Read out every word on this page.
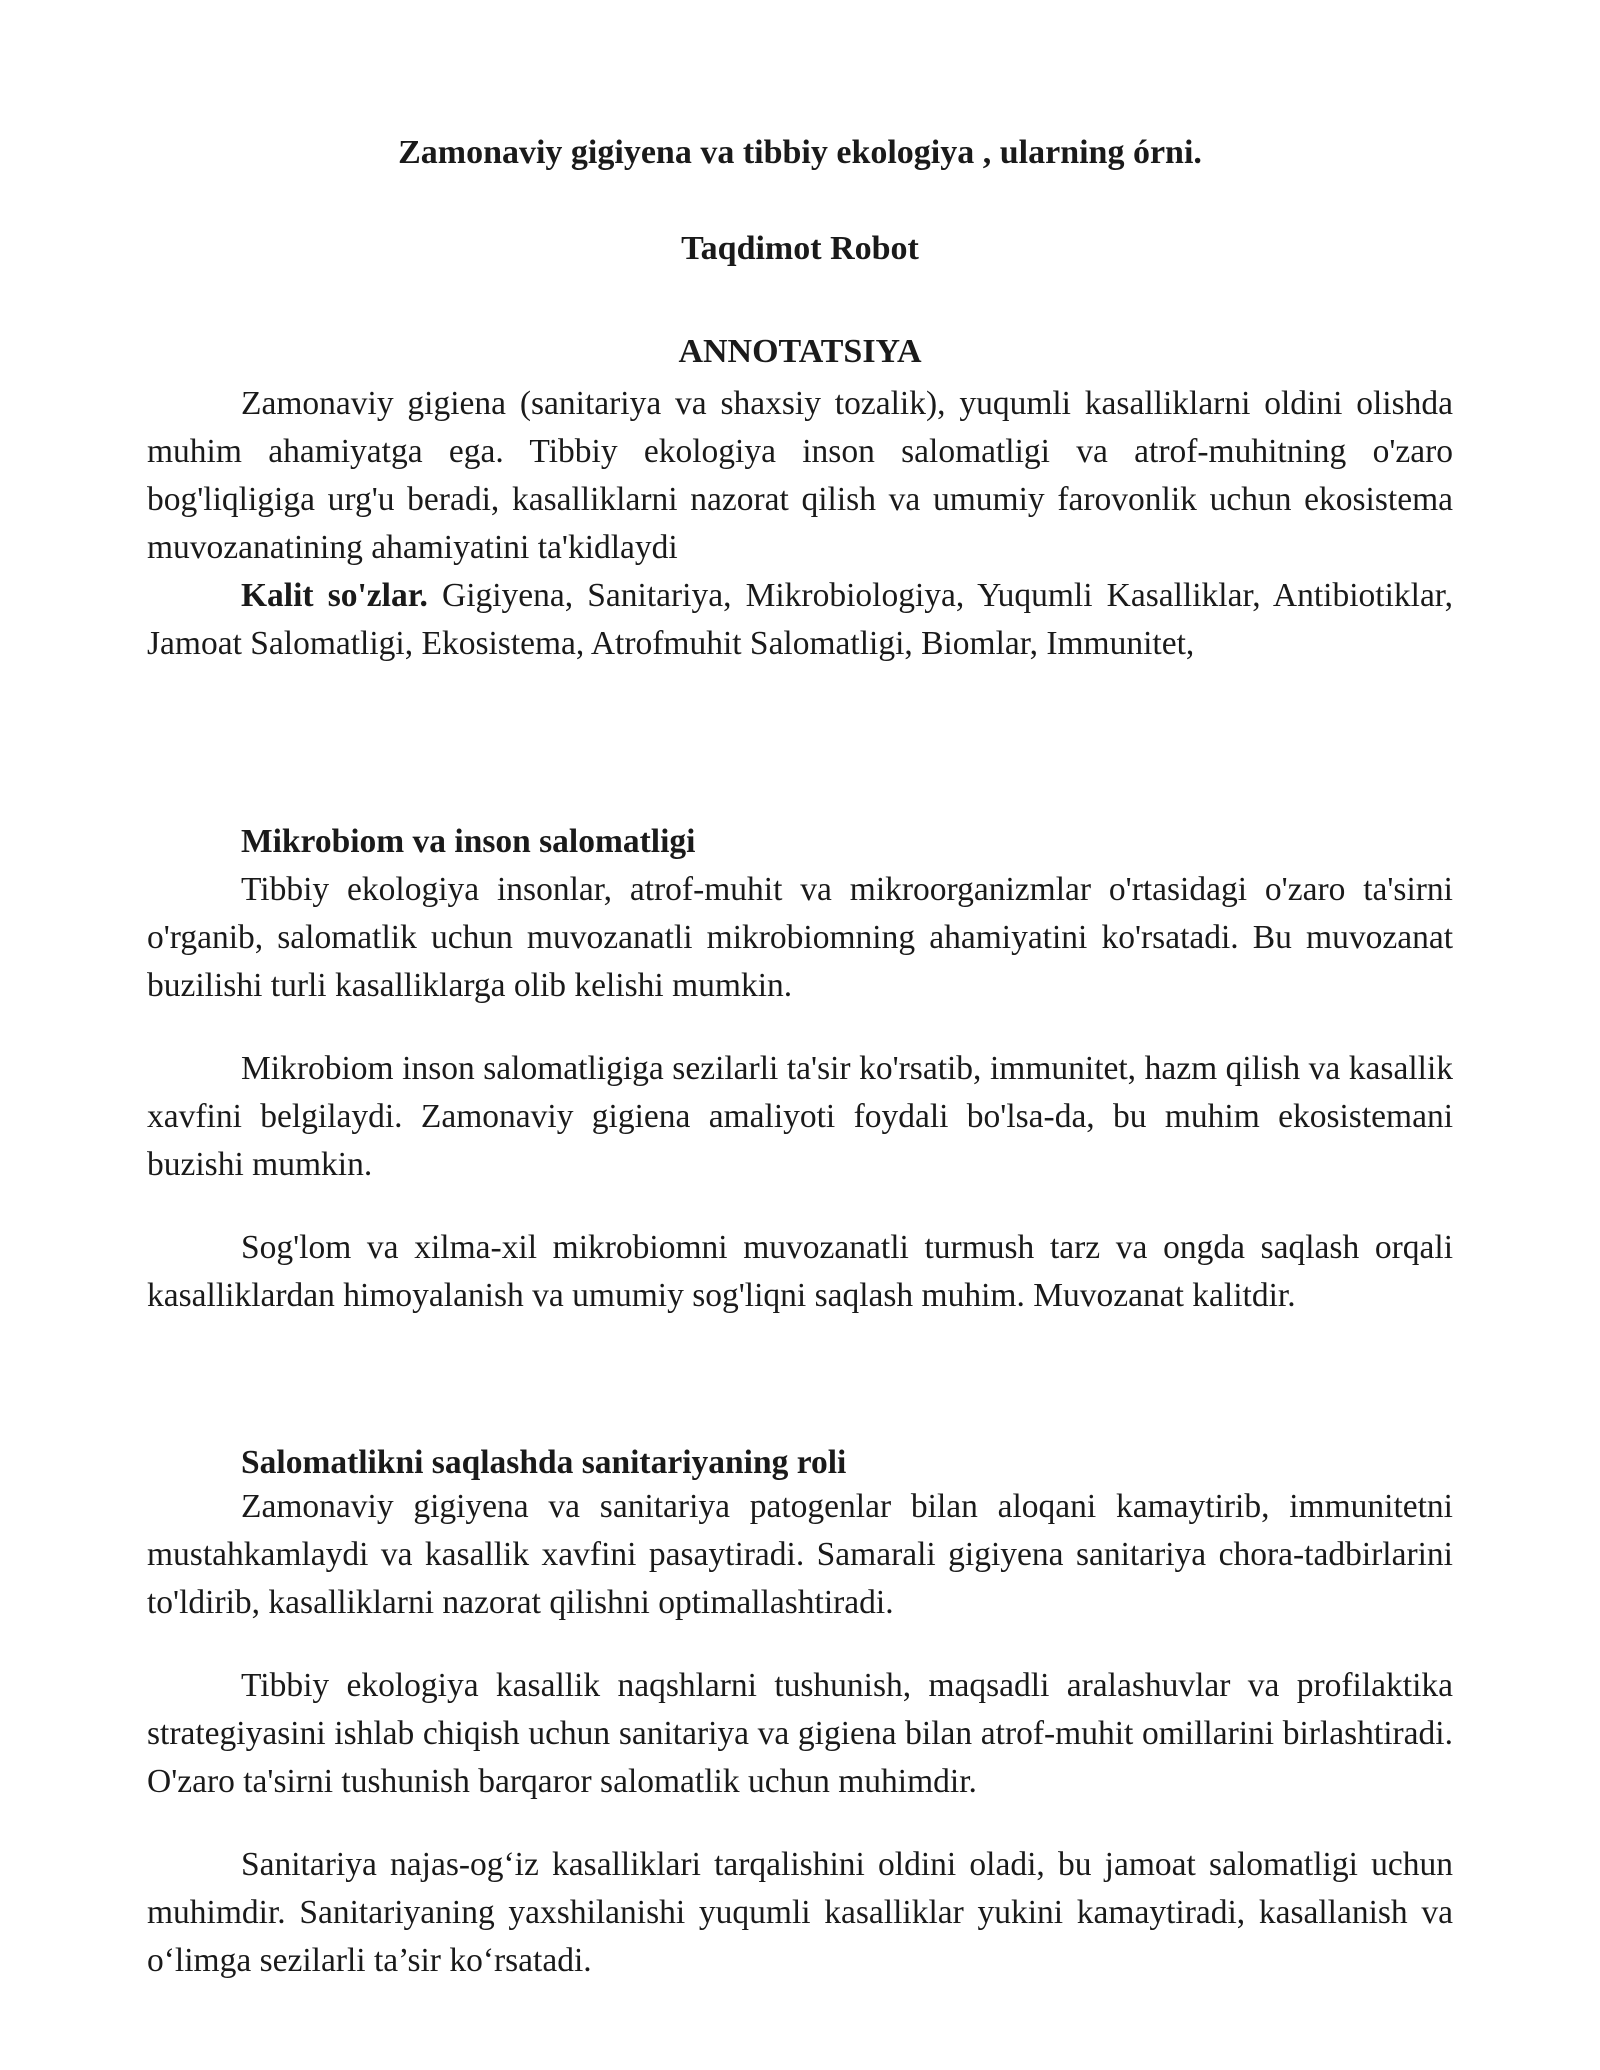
Zamonaviy gigiyena va tibbiy ekologiya , ularning órni.
Taqdimot Robot
ANNOTATSIYA

Zamonaviy gigiena (sanitariya va shaxsiy tozalik), yuqumli kasalliklarni oldini olishda muhim ahamiyatga ega. Tibbiy ekologiya inson salomatligi va atrof-muhitning o'zaro bog'liqligiga urg'u beradi, kasalliklarni nazorat qilish va umumiy farovonlik uchun ekosistema muvozanatining ahamiyatini ta'kidlaydi

Kalit so'zlar. Gigiyena, Sanitariya, Mikrobiologiya, Yuqumli Kasalliklar, Antibiotiklar, Jamoat Salomatligi, Ekosistema, Atrofmuhit Salomatligi, Biomlar, Immunitet,

Mikrobiom va inson salomatligi

Tibbiy ekologiya insonlar, atrof-muhit va mikroorganizmlar o'rtasidagi o'zaro ta'sirni o'rganib, salomatlik uchun muvozanatli mikrobiomning ahamiyatini ko'rsatadi. Bu muvozanat buzilishi turli kasalliklarga olib kelishi mumkin.

Mikrobiom inson salomatligiga sezilarli ta'sir ko'rsatib, immunitet, hazm qilish va kasallik xavfini belgilaydi. Zamonaviy gigiena amaliyoti foydali bo'lsa-da, bu muhim ekosistemani buzishi mumkin.

Sog'lom va xilma-xil mikrobiomni muvozanatli turmush tarz va ongda saqlash orqali kasalliklardan himoyalanish va umumiy sog'liqni saqlash muhim. Muvozanat kalitdir.

Salomatlikni saqlashda sanitariyaning roli

Zamonaviy gigiyena va sanitariya patogenlar bilan aloqani kamaytirib, immunitetni mustahkamlaydi va kasallik xavfini pasaytiradi. Samarali gigiyena sanitariya chora-tadbirlarini to'ldirib, kasalliklarni nazorat qilishni optimallashtiradi.

Tibbiy ekologiya kasallik naqshlarni tushunish, maqsadli aralashuvlar va profilaktika strategiyasini ishlab chiqish uchun sanitariya va gigiena bilan atrof-muhit omillarini birlashtiradi. O'zaro ta'sirni tushunish barqaror salomatlik uchun muhimdir.

Sanitariya najas-og‘iz kasalliklari tarqalishini oldini oladi, bu jamoat salomatligi uchun muhimdir. Sanitariyaning yaxshilanishi yuqumli kasalliklar yukini kamaytiradi, kasallanish va o‘limga sezilarli ta’sir ko‘rsatadi.
